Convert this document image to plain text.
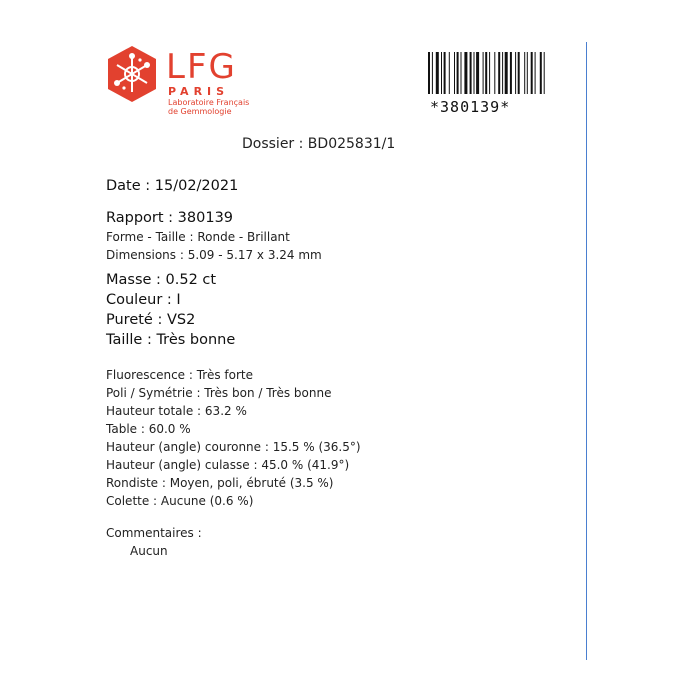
LFG
PARIS
Laboratoire Français
de Gemmologie	*380139*
Dossier : BD025831/1
Date : 15/02/2021
Rapport : 380139
Forme - Taille : Ronde - Brillant
Dimensions : 5.09 - 5.17 x 3.24 mm
Masse : 0.52 ct
Couleur : I
Pureté : VS2
Taille : Très bonne
Fluorescence : Très forte
Poli / Symétrie : Très bon / Très bonne
Hauteur totale : 63.2 %
Table : 60.0 %
Hauteur (angle) couronne : 15.5 % (36.5°)
Hauteur (angle) culasse : 45.0 % (41.9°)
Rondiste : Moyen, poli, ébruté (3.5 %)
Colette : Aucune (0.6 %)
Commentaires :
Aucun
